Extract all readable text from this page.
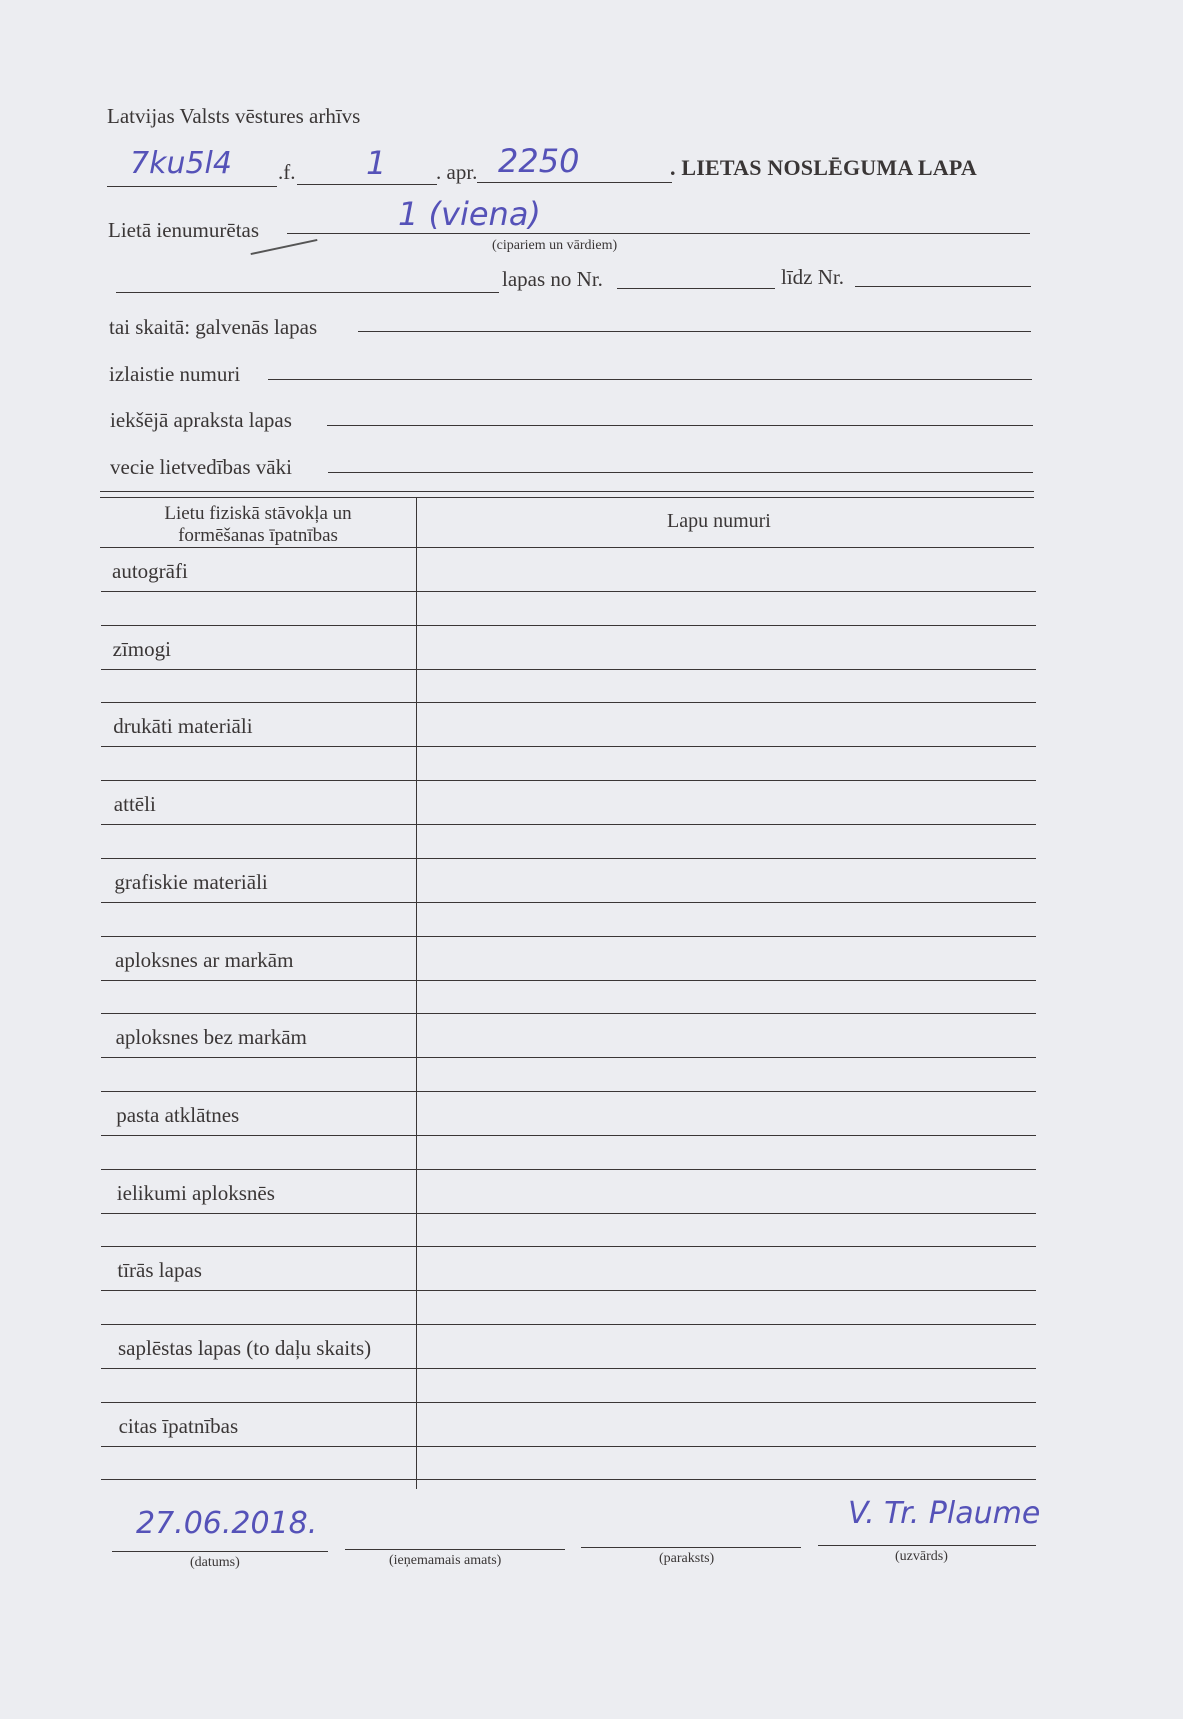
Latvijas Valsts vēstures arhīvs
7ku5l4 .f. 1 . apr. 2250	. LIETAS NOSLĒGUMA LAPA
Lietā ienumurētas	1 (viena)
(cipariem un vārdiem)
lapas no Nr.	līdz Nr.
tai skaitā: galvenās lapas
izlaistie numuri
iekšējā apraksta lapas
vecie lietvedības vāki
Lietu fiziskā stāvokļa un
formēšanas īpatnības
Lapu numuri
autogrāfi
zīmogi
drukāti materiāli
attēli
grafiskie materiāli
aploksnes ar markām
aploksnes bez markām
pasta atklātnes
ielikumi aploksnēs
tīrās lapas
saplēstas lapas (to daļu skaits)
citas īpatnības
27.06.2018.
(datums)	(ieņemamais amats)	(paraksts)
V. Tr. Plaume
(uzvārds)
